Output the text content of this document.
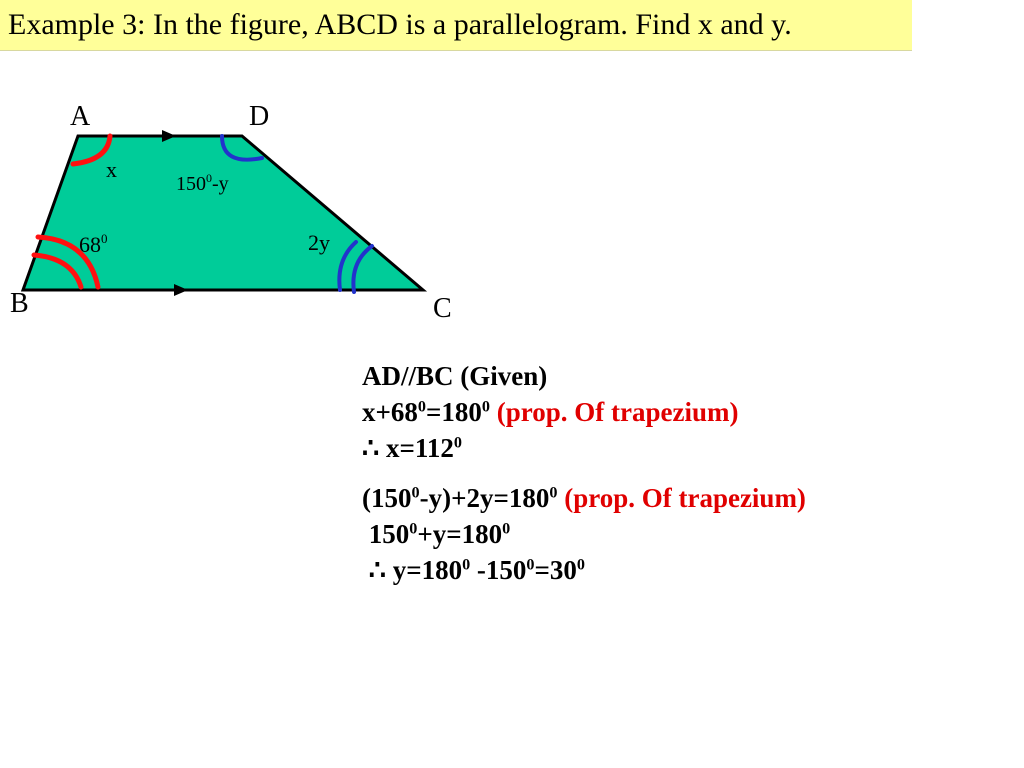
Example 3: In the figure, ABCD is a parallelogram. Find x and y.
A	D
B	C
x
$150^0-y$
$68^0$	2y
AD//BC (Given)
$x+68^0=180^0$ (prop. Of trapezium)
∴ $x=112^0$
$(150^0-y)+2y=180^0$ (prop. Of trapezium)
$150^0+y=180^0$
∴ $y=180^0$ $-150^0=30^0$
